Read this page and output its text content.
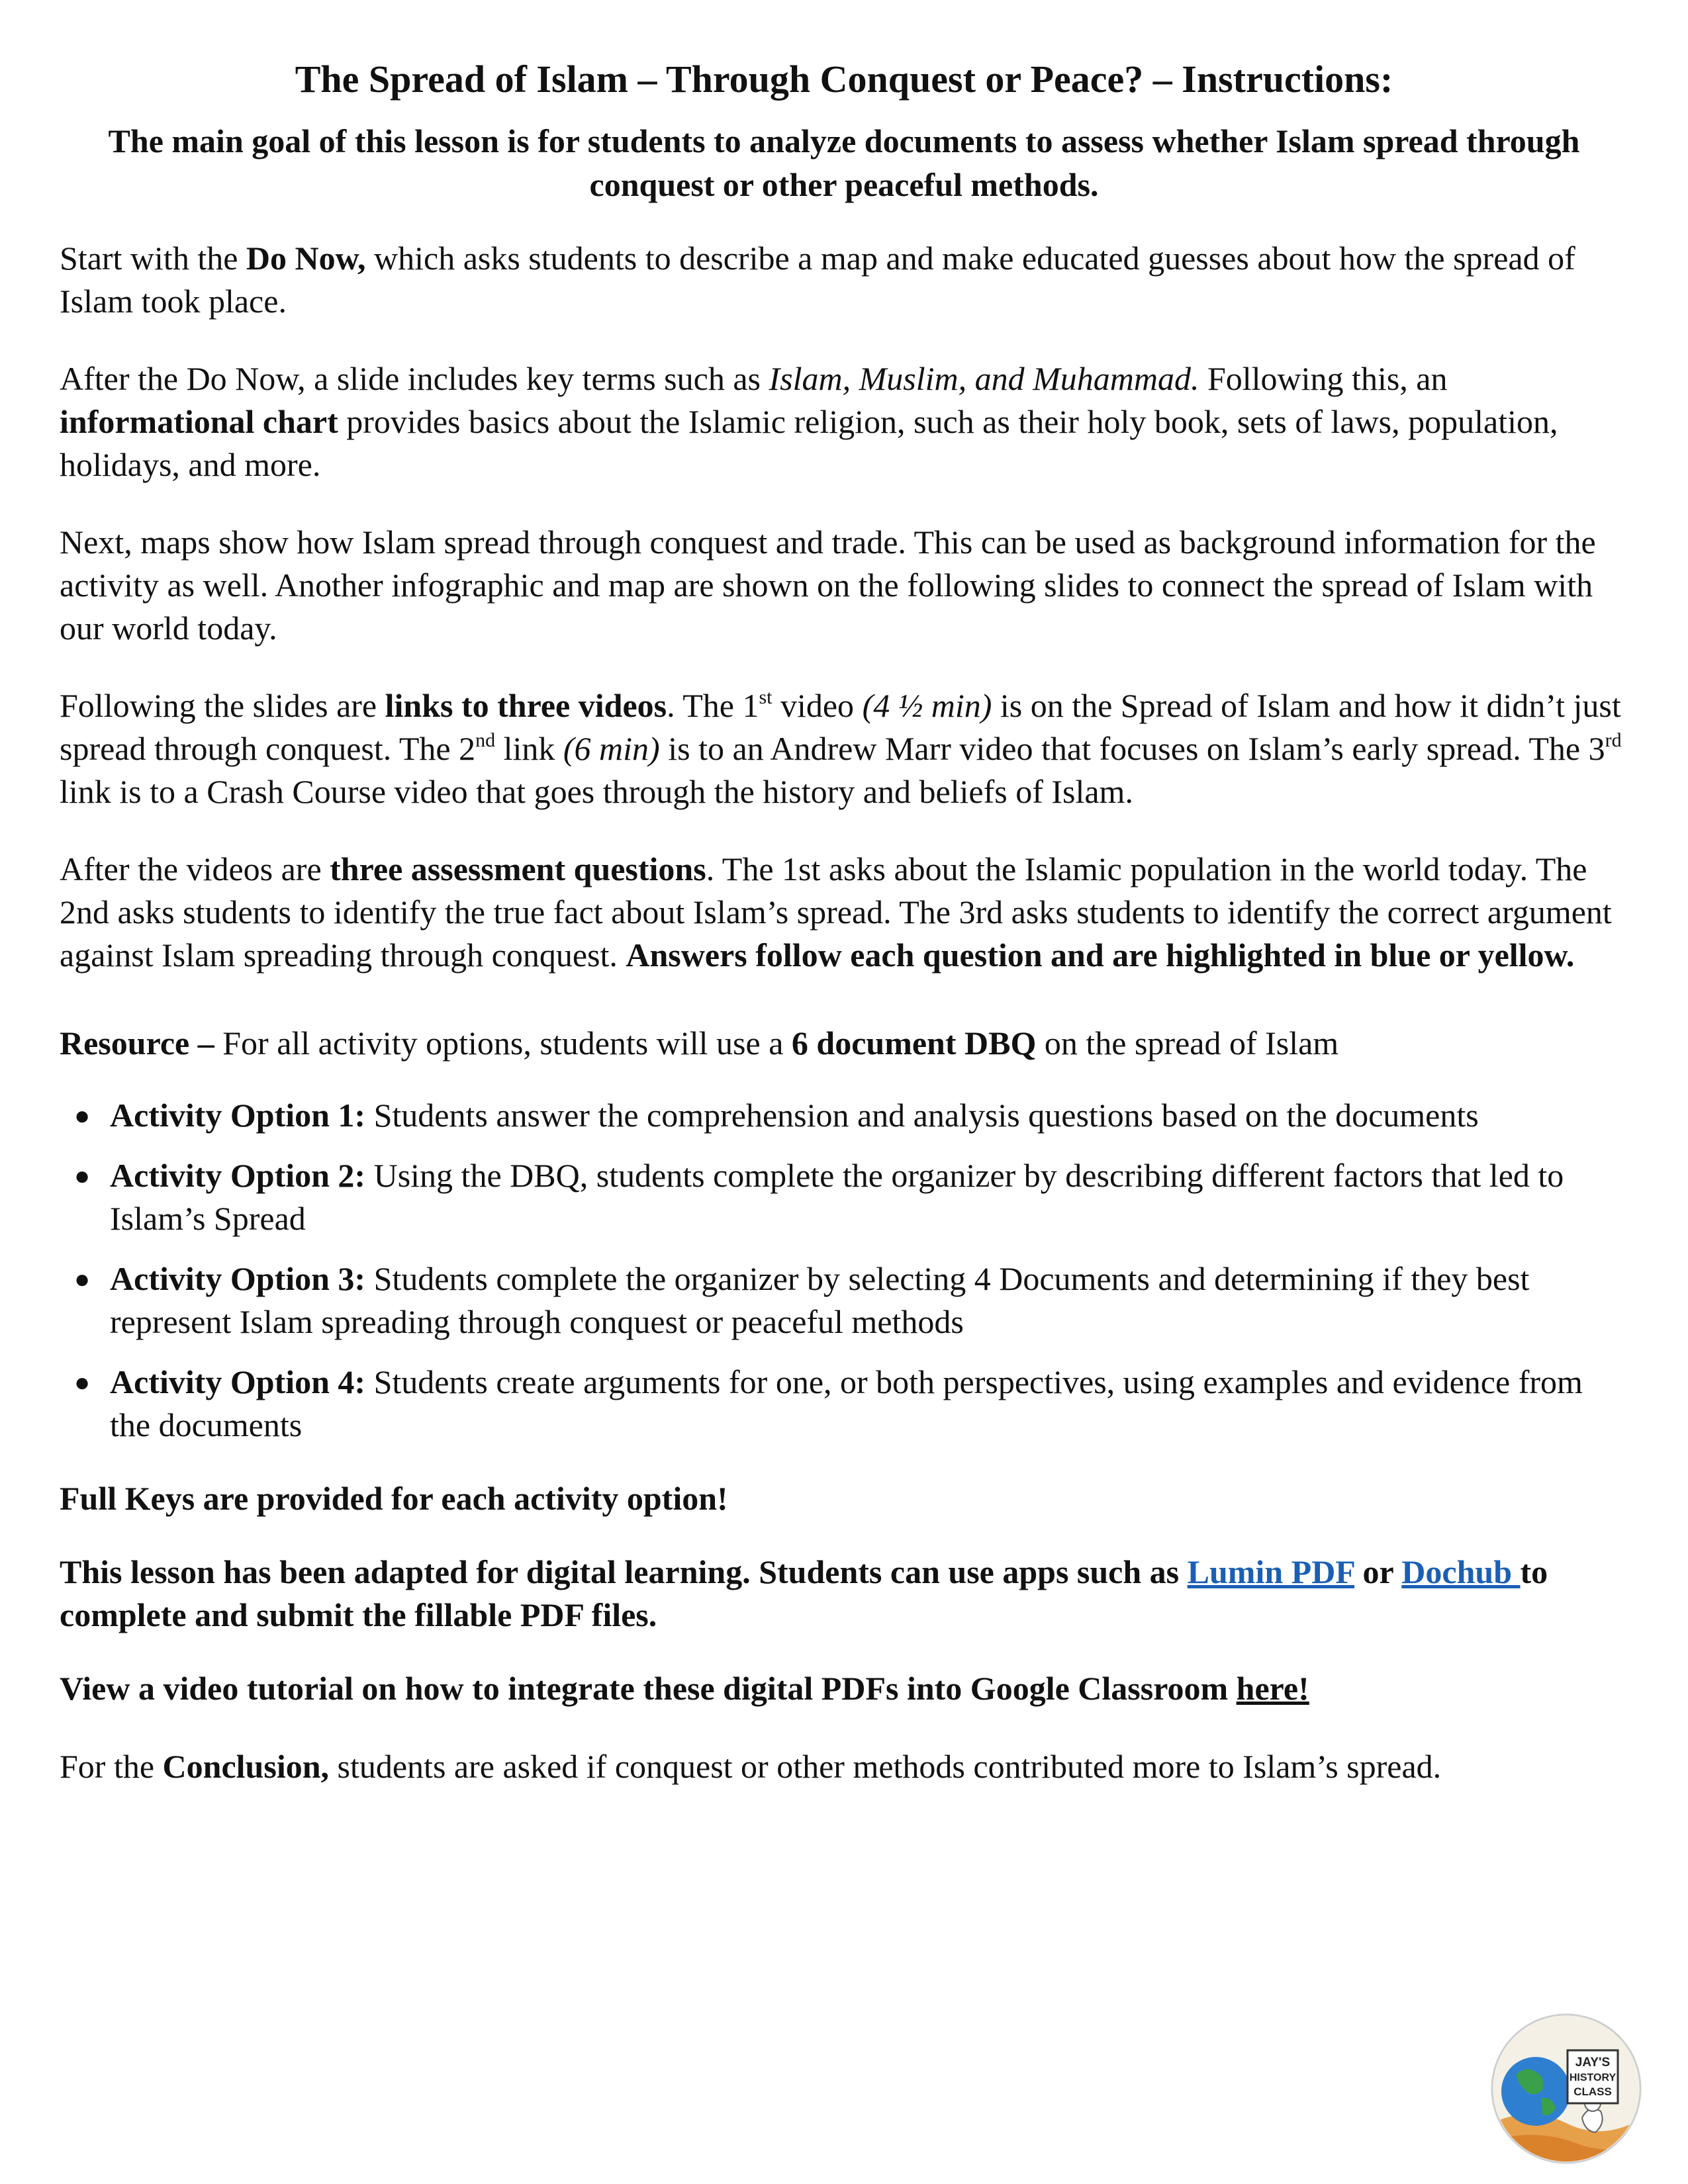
The Spread of Islam – Through Conquest or Peace? – Instructions:
The main goal of this lesson is for students to analyze documents to assess whether Islam spread through conquest or other peaceful methods.

Start with the Do Now, which asks students to describe a map and make educated guesses about how the spread of Islam took place.

After the Do Now, a slide includes key terms such as Islam, Muslim, and Muhammad. Following this, an informational chart provides basics about the Islamic religion, such as their holy book, sets of laws, population, holidays, and more.

Next, maps show how Islam spread through conquest and trade. This can be used as background information for the activity as well. Another infographic and map are shown on the following slides to connect the spread of Islam with our world today.

Following the slides are links to three videos. The 1st video (4 ½ min) is on the Spread of Islam and how it didn’t just spread through conquest. The 2nd link (6 min) is to an Andrew Marr video that focuses on Islam’s early spread. The 3rd link is to a Crash Course video that goes through the history and beliefs of Islam.

After the videos are three assessment questions. The 1st asks about the Islamic population in the world today. The 2nd asks students to identify the true fact about Islam’s spread. The 3rd asks students to identify the correct argument against Islam spreading through conquest. Answers follow each question and are highlighted in blue or yellow.

Resource – For all activity options, students will use a 6 document DBQ on the spread of Islam

● Activity Option 1: Students answer the comprehension and analysis questions based on the documents
● Activity Option 2: Using the DBQ, students complete the organizer by describing different factors that led to Islam’s Spread
● Activity Option 3: Students complete the organizer by selecting 4 Documents and determining if they best represent Islam spreading through conquest or peaceful methods
● Activity Option 4: Students create arguments for one, or both perspectives, using examples and evidence from the documents

Full Keys are provided for each activity option!

This lesson has been adapted for digital learning. Students can use apps such as Lumin PDF or Dochub to complete and submit the fillable PDF files.

View a video tutorial on how to integrate these digital PDFs into Google Classroom here!

For the Conclusion, students are asked if conquest or other methods contributed more to Islam’s spread.

JAY'S
HISTORY
CLASS
